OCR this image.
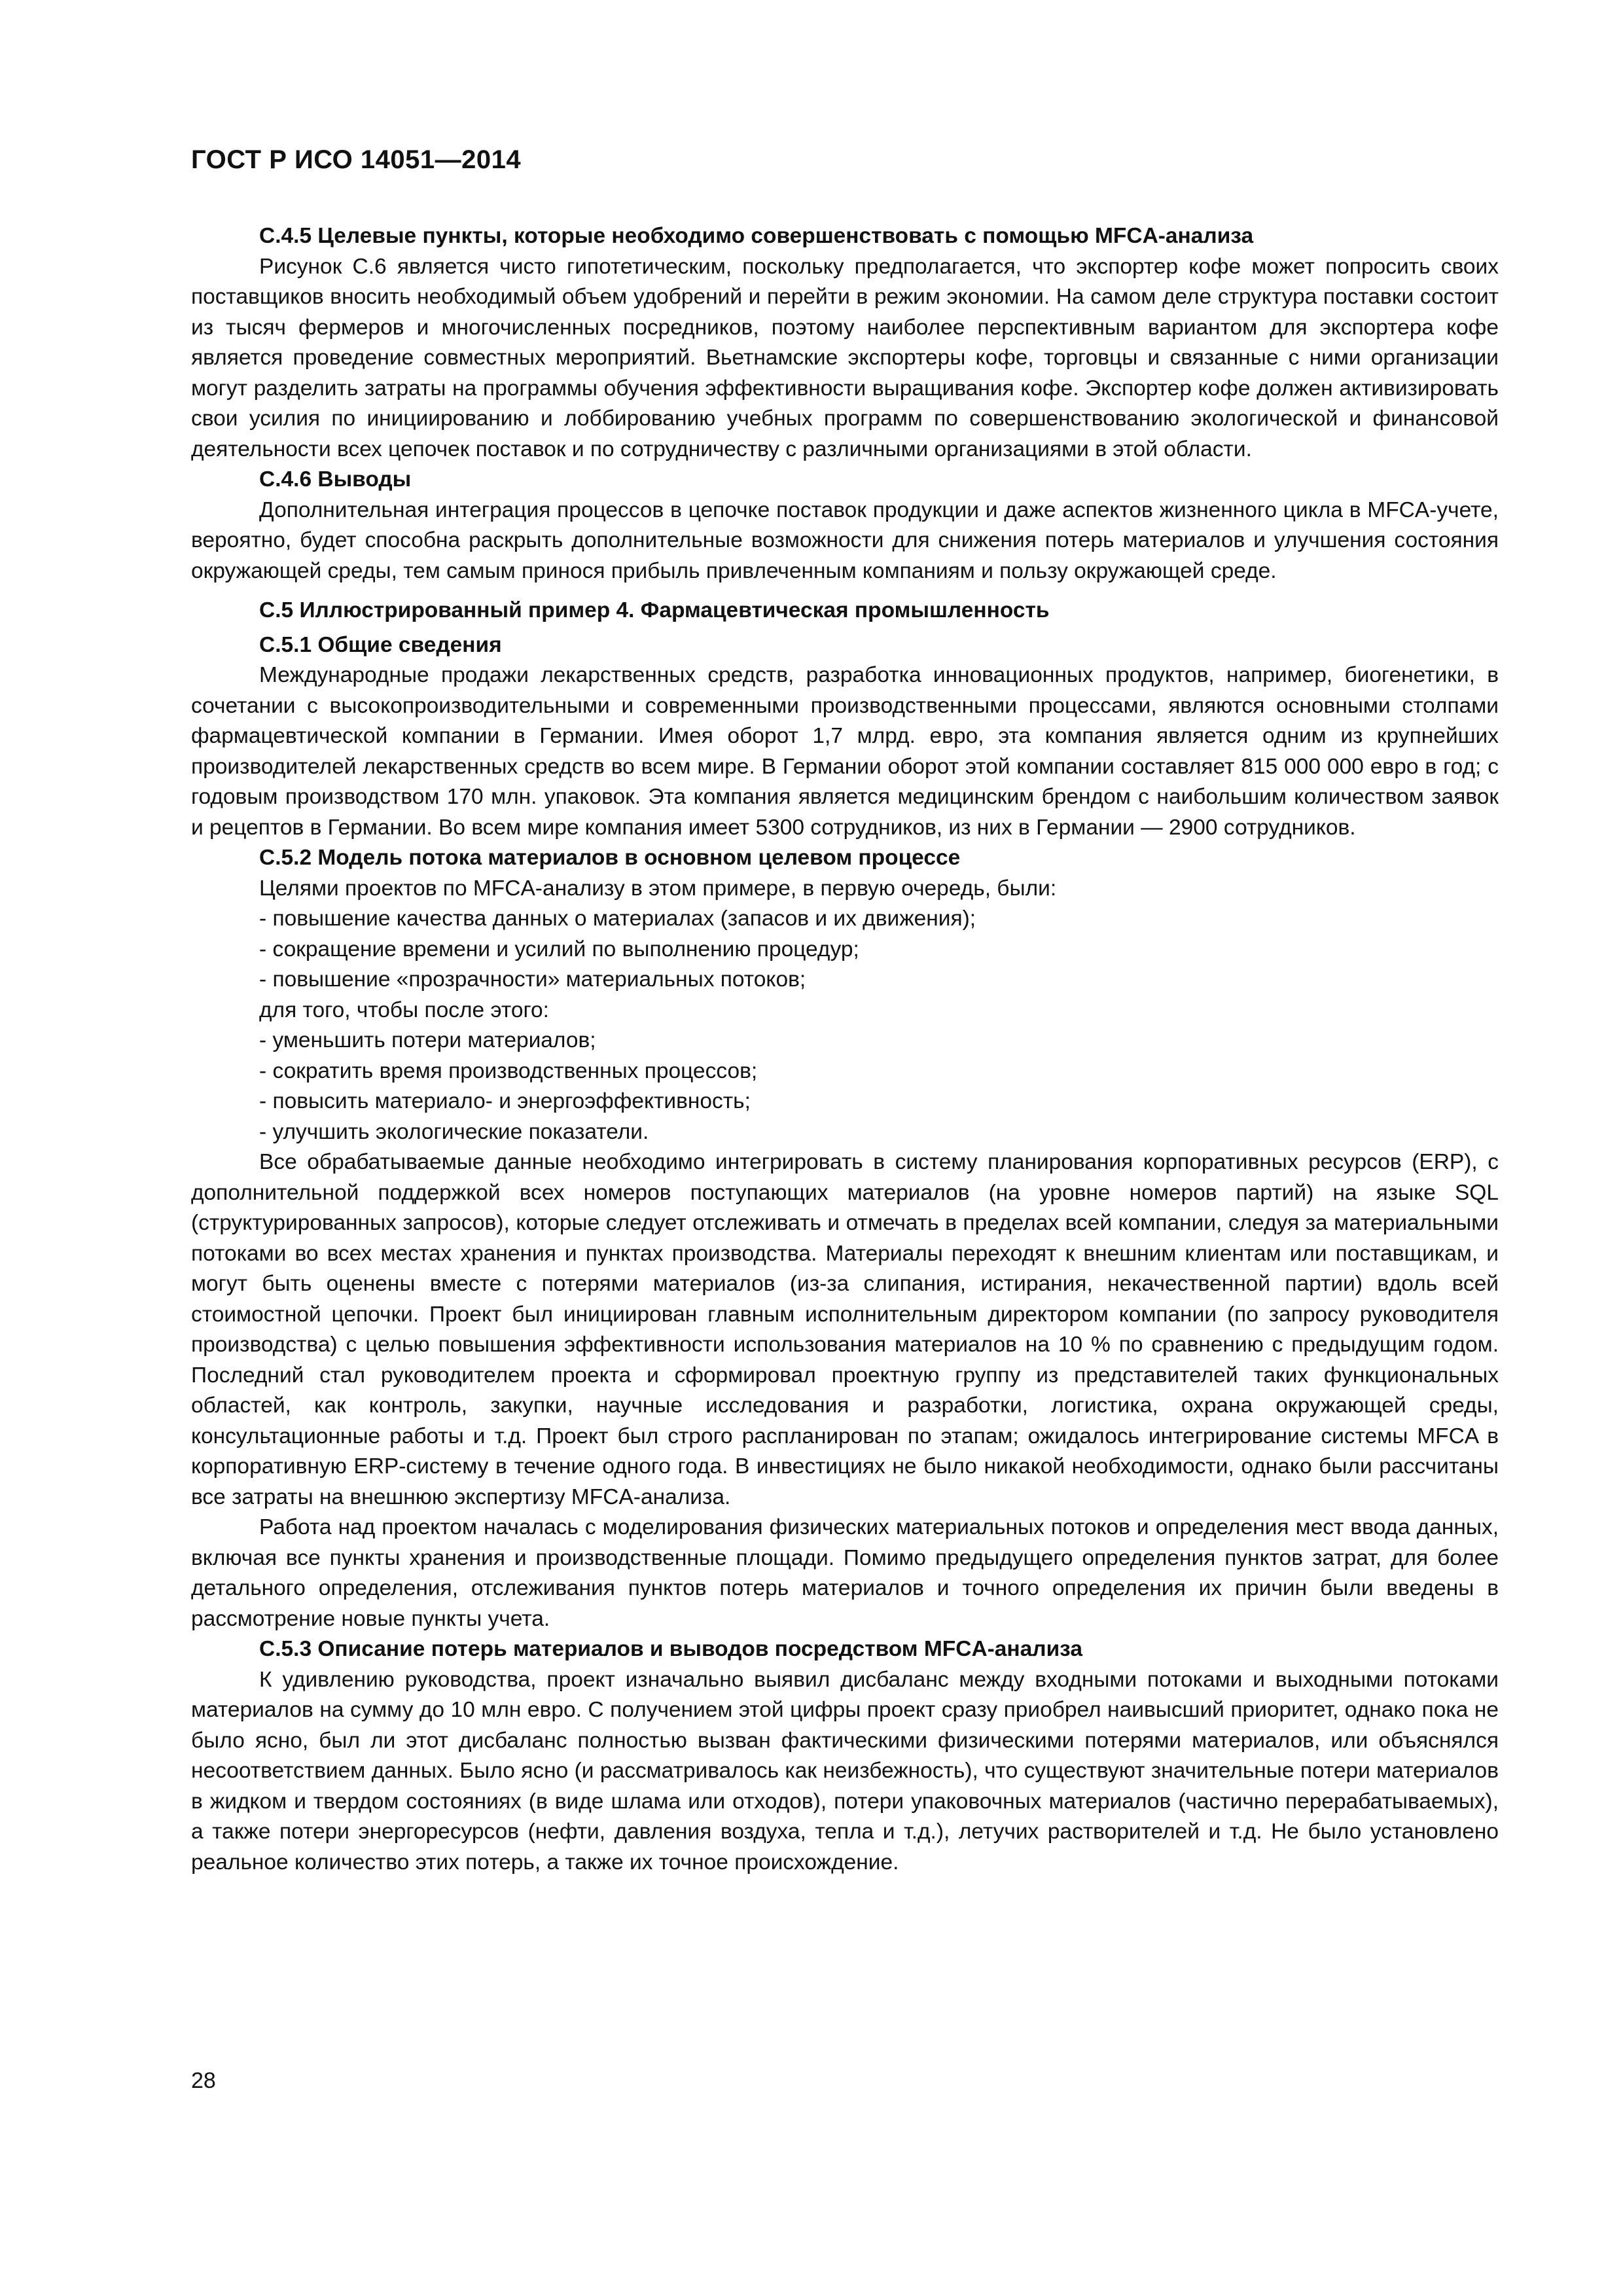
ГОСТ Р ИСО 14051—2014
С.4.5 Целевые пункты, которые необходимо совершенствовать с помощью MFCA-анализа

Рисунок С.6 является чисто гипотетическим, поскольку предполагается, что экспортер кофе может попросить своих поставщиков вносить необходимый объем удобрений и перейти в режим экономии. На самом деле структура поставки состоит из тысяч фермеров и многочисленных посредников, поэтому наиболее перспективным вариантом для экспортера кофе является проведение совместных мероприятий. Вьетнамские экспортеры кофе, торговцы и связанные с ними организации могут разделить затраты на программы обучения эффективности выращивания кофе. Экспортер кофе должен активизировать свои усилия по инициированию и лоббированию учебных программ по совершенствованию экологической и финансовой деятельности всех цепочек поставок и по сотрудничеству с различными организациями в этой области.

С.4.6 Выводы

Дополнительная интеграция процессов в цепочке поставок продукции и даже аспектов жизненного цикла в MFCA-учете, вероятно, будет способна раскрыть дополнительные возможности для снижения потерь материалов и улучшения состояния окружающей среды, тем самым принося прибыль привлеченным компаниям и пользу окружающей среде.

С.5 Иллюстрированный пример 4. Фармацевтическая промышленность
С.5.1 Общие сведения

Международные продажи лекарственных средств, разработка инновационных продуктов, например, биогенетики, в сочетании с высокопроизводительными и современными производственными процессами, являются основными столпами фармацевтической компании в Германии. Имея оборот 1,7 млрд. евро, эта компания является одним из крупнейших производителей лекарственных средств во всем мире. В Германии оборот этой компании составляет 815 000 000 евро в год; с годовым производством 170 млн. упаковок. Эта компания является медицинским брендом с наибольшим количеством заявок и рецептов в Германии. Во всем мире компания имеет 5300 сотрудников, из них в Германии — 2900 сотрудников.

С.5.2 Модель потока материалов в основном целевом процессе

Целями проектов по MFCA-анализу в этом примере, в первую очередь, были:

- повышение качества данных о материалах (запасов и их движения);
- сокращение времени и усилий по выполнению процедур;
- повышение «прозрачности» материальных потоков;

для того, чтобы после этого:

- уменьшить потери материалов;
- сократить время производственных процессов;
- повысить материало- и энергоэффективность;
- улучшить экологические показатели.

Все обрабатываемые данные необходимо интегрировать в систему планирования корпоративных ресурсов (ERP), с дополнительной поддержкой всех номеров поступающих материалов (на уровне номеров партий) на языке SQL (структурированных запросов), которые следует отслеживать и отмечать в пределах всей компании, следуя за материальными потоками во всех местах хранения и пунктах производства. Материалы переходят к внешним клиентам или поставщикам, и могут быть оценены вместе с потерями материалов (из-за слипания, истирания, некачественной партии) вдоль всей стоимостной цепочки. Проект был инициирован главным исполнительным директором компании (по запросу руководителя производства) с целью повышения эффективности использования материалов на 10 % по сравнению с предыдущим годом. Последний стал руководителем проекта и сформировал проектную группу из представителей таких функциональных областей, как контроль, закупки, научные исследования и разработки, логистика, охрана окружающей среды, консультационные работы и т.д. Проект был строго распланирован по этапам; ожидалось интегрирование системы MFCA в корпоративную ERP-систему в течение одного года. В инвестициях не было никакой необходимости, однако были рассчитаны все затраты на внешнюю экспертизу MFCA-анализа.

Работа над проектом началась с моделирования физических материальных потоков и определения мест ввода данных, включая все пункты хранения и производственные площади. Помимо предыдущего определения пунктов затрат, для более детального определения, отслеживания пунктов потерь материалов и точного определения их причин были введены в рассмотрение новые пункты учета.

С.5.3 Описание потерь материалов и выводов посредством MFCA-анализа

К удивлению руководства, проект изначально выявил дисбаланс между входными потоками и выходными потоками материалов на сумму до 10 млн евро. С получением этой цифры проект сразу приобрел наивысший приоритет, однако пока не было ясно, был ли этот дисбаланс полностью вызван фактическими физическими потерями материалов, или объяснялся несоответствием данных. Было ясно (и рассматривалось как неизбежность), что существуют значительные потери материалов в жидком и твердом состояниях (в виде шлама или отходов), потери упаковочных материалов (частично перерабатываемых), а также потери энергоресурсов (нефти, давления воздуха, тепла и т.д.), летучих растворителей и т.д. Не было установлено реальное количество этих потерь, а также их точное происхождение.

28
